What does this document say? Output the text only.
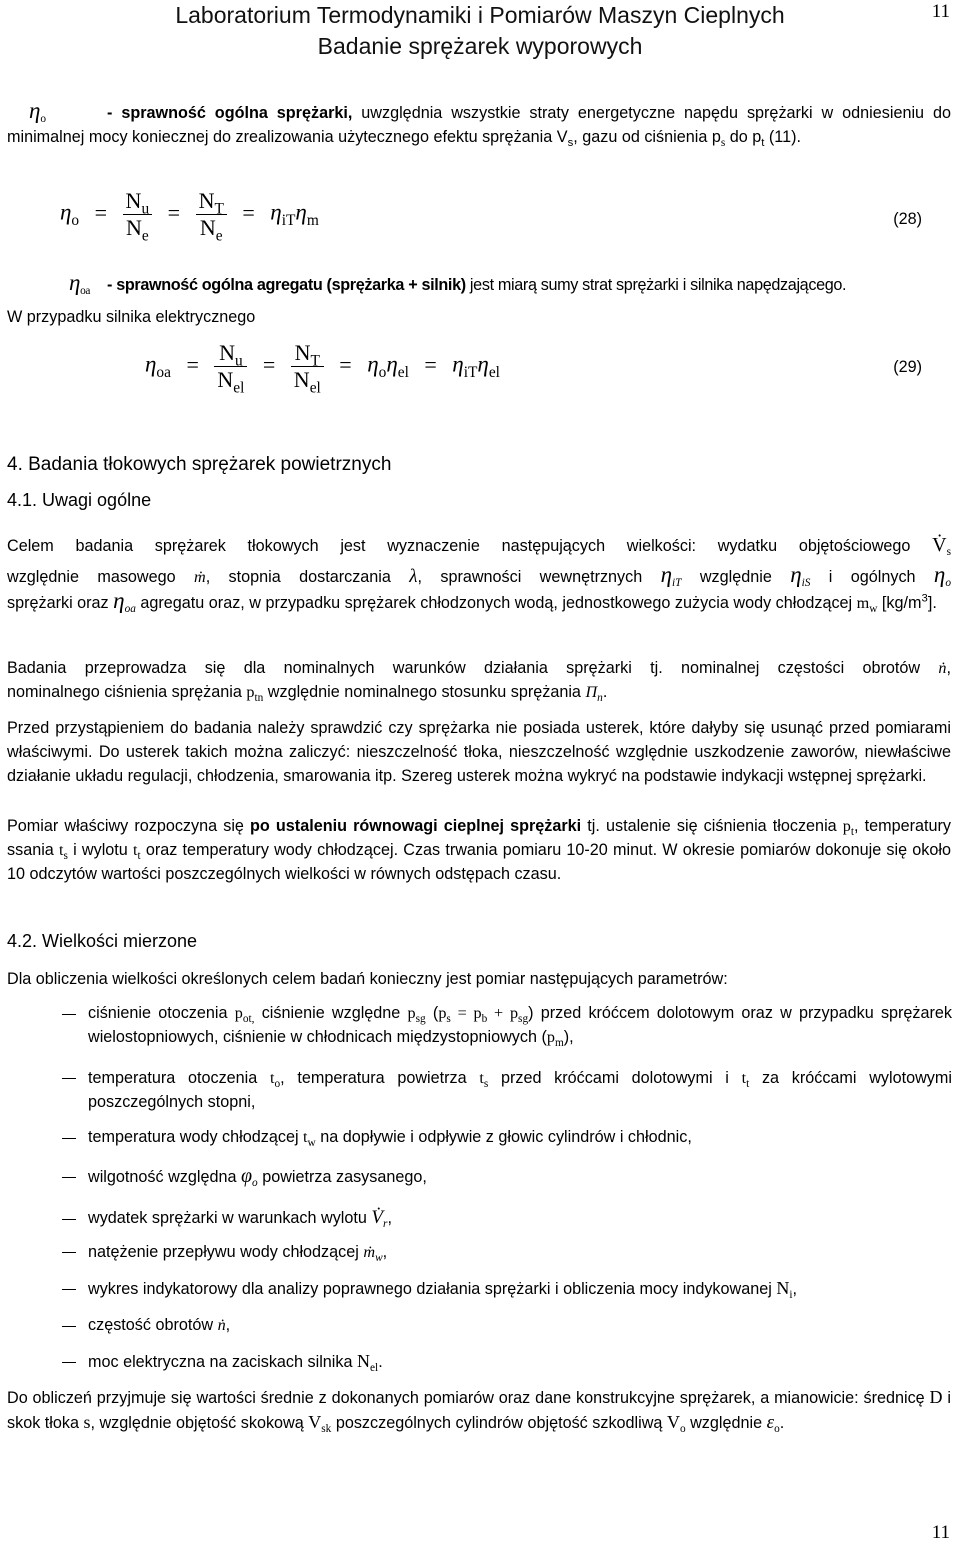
Laboratorium Termodynamiki i Pomiarów Maszyn Cieplnych
Badanie sprężarek wyporowych
11
$\eta_o$	- sprawność ogólna sprężarki, uwzględnia wszystkie straty energetyczne napędu sprężarki w odniesieniu do minimalnej mocy koniecznej do zrealizowania użytecznego efektu sprężania $V_s$, gazu od ciśnienia $p_s$ do $p_t$ (11).
$\eta_o = \frac{N_u}{N_e} = \frac{N_T}{N_e} = \eta_{iT}\eta_m$	(28)
$\eta_{oa}$ - sprawność ogólna agregatu (sprężarka + silnik) jest miarą sumy strat sprężarki i silnika napędzającego.
W przypadku silnika elektrycznego
$\eta_{oa} = \frac{N_u}{N_{el}} = \frac{N_T}{N_{el}} = \eta_o\eta_{el} = \eta_{iT}\eta_{el}$	(29)
4. Badania tłokowych sprężarek powietrznych
4.1. Uwagi ogólne
Celem badania sprężarek tłokowych jest wyznaczenie następujących wielkości: wydatku objętościowego $V̇_s$
względnie masowego ṁ, stopnia dostarczania λ, sprawności wewnętrznych $\eta_{iT}$ względnie $\eta_{iS}$ i ogólnych $\eta_o$
sprężarki oraz $\eta_{oa}$ agregatu oraz, w przypadku sprężarek chłodzonych wodą, jednostkowego zużycia wody chłodzącej $m_w$ $[kg/m^3]$.
Badania przeprowadza się dla nominalnych warunków działania sprężarki tj. nominalnej częstości obrotów ṅ,
nominalnego ciśnienia sprężania $p_{tn}$ względnie nominalnego stosunku sprężania $\Pi_n$.
Przed przystąpieniem do badania należy sprawdzić czy sprężarka nie posiada usterek, które dałyby się usunąć przed pomiarami właściwymi. Do usterek takich można zaliczyć: nieszczelność tłoka, nieszczelność względnie uszkodzenie zaworów, niewłaściwe działanie układu regulacji, chłodzenia, smarowania itp. Szereg usterek można wykryć na podstawie indykacji wstępnej sprężarki.
Pomiar właściwy rozpoczyna się po ustaleniu równowagi cieplnej sprężarki tj. ustalenie się ciśnienia tłoczenia $p_t$, temperatury ssania $t_s$ i wylotu $t_t$ oraz temperatury wody chłodzącej. Czas trwania pomiaru 10-20 minut. W okresie pomiarów dokonuje się około 10 odczytów wartości poszczególnych wielkości w równych odstępach czasu.
4.2. Wielkości mierzone
Dla obliczenia wielkości określonych celem badań konieczny jest pomiar następujących parametrów:
ciśnienie otoczenia $p_{ot,}$ ciśnienie względne $p_{sg}$ $(p_s = p_b + p_{sg})$ przed króćcem dolotowym oraz w przypadku sprężarek wielostopniowych, ciśnienie w chłodnicach międzystopniowych $(p_m)$,
temperatura otoczenia $t_o$, temperatura powietrza $t_s$ przed króćcami dolotowymi i $t_t$ za króćcami wylotowymi poszczególnych stopni,
temperatura wody chłodzącej $t_w$ na dopływie i odpływie z głowic cylindrów i chłodnic,
wilgotność względna $\varphi_o$ powietrza zasysanego,
wydatek sprężarki w warunkach wylotu $V̇_r$,
natężenie przepływu wody chłodzącej ṁ$_w$,
wykres indykatorowy dla analizy poprawnego działania sprężarki i obliczenia mocy indykowanej $N_i$,
częstość obrotów ṅ,
moc elektryczna na zaciskach silnika $N_{el}$.
Do obliczeń przyjmuje się wartości średnie z dokonanych pomiarów oraz dane konstrukcyjne sprężarek, a mianowicie: średnicę D i skok tłoka s, względnie objętość skokową $V_{sk}$ poszczególnych cylindrów objętość szkodliwą $V_o$ względnie $\varepsilon_o$.
11
